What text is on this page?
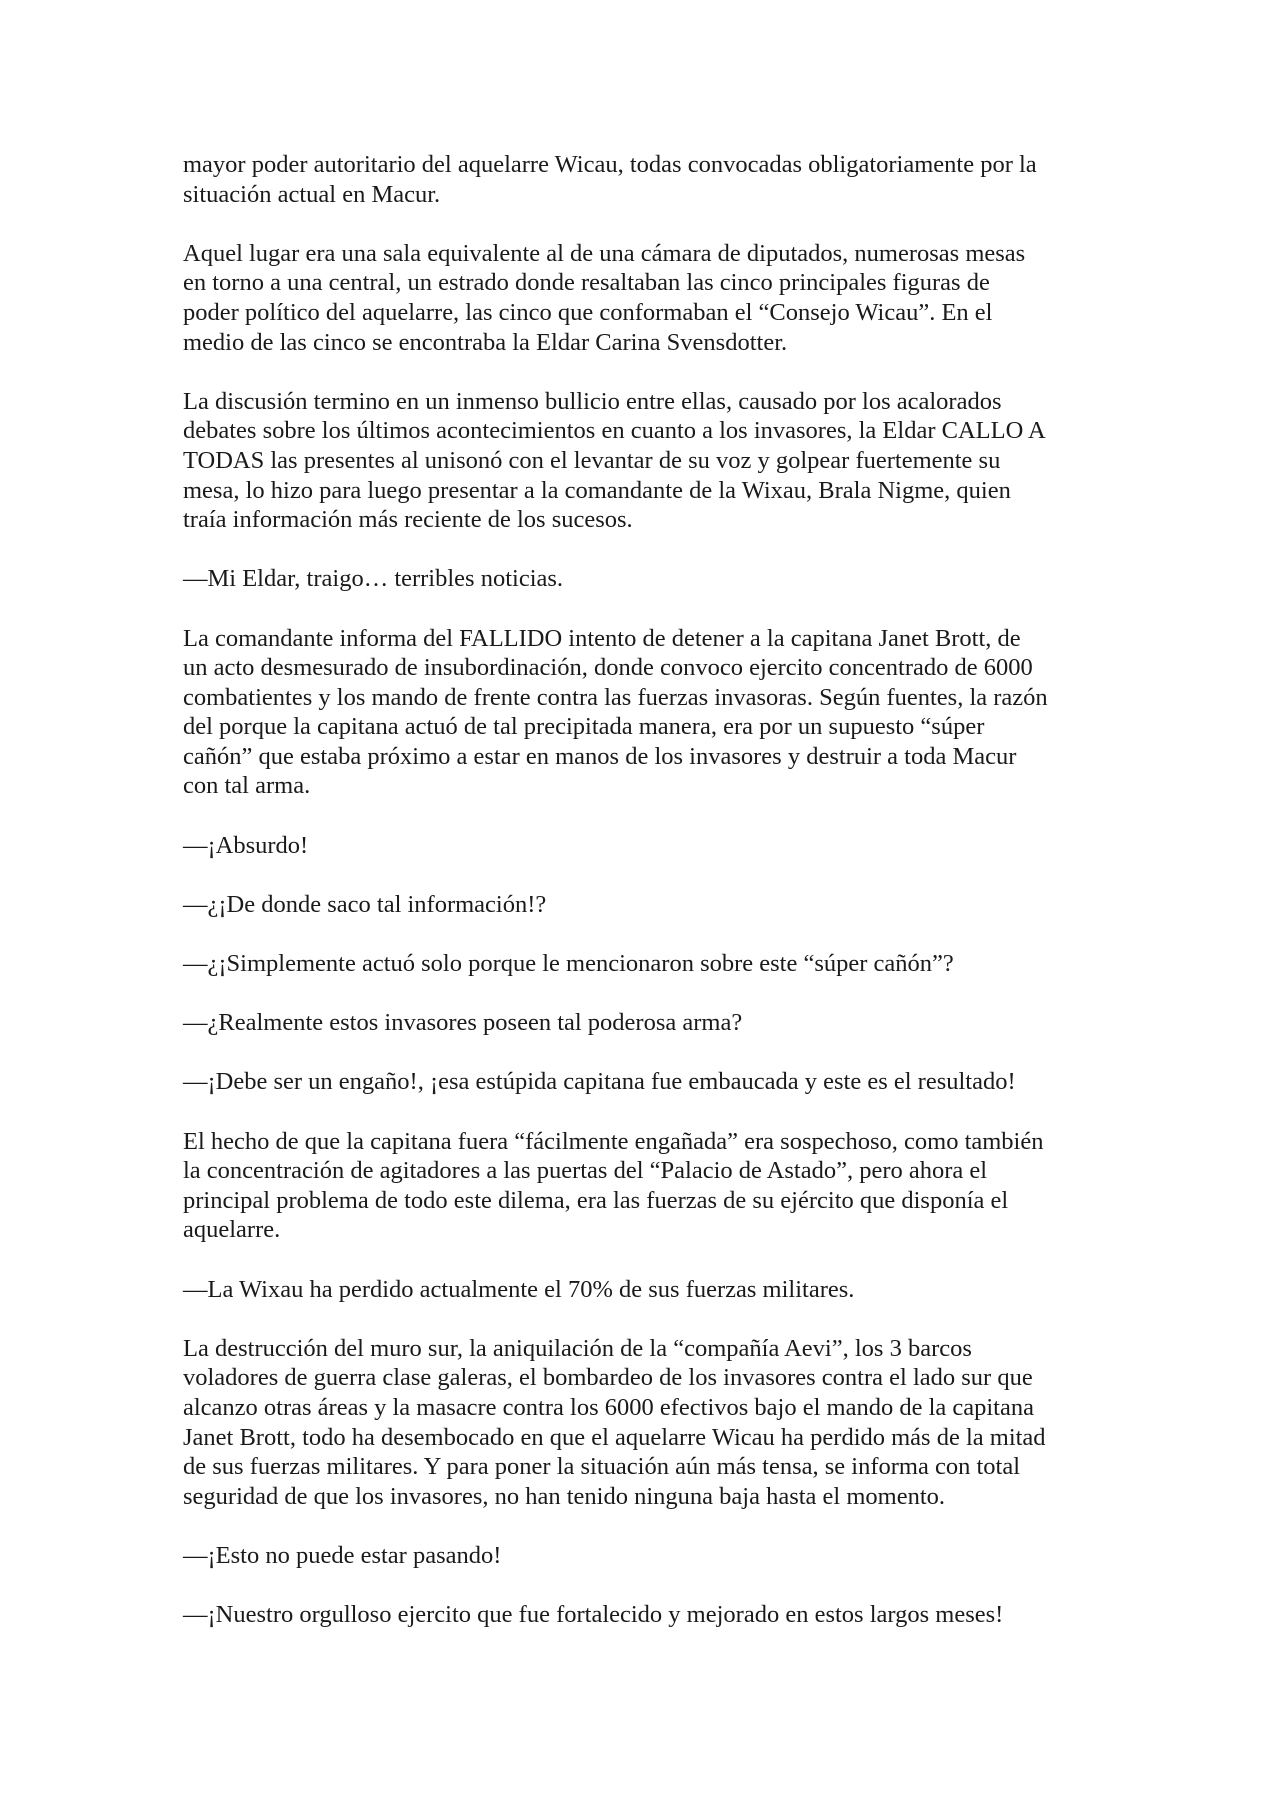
mayor poder autoritario del aquelarre Wicau, todas convocadas obligatoriamente por la
situación actual en Macur.

Aquel lugar era una sala equivalente al de una cámara de diputados, numerosas mesas
en torno a una central, un estrado donde resaltaban las cinco principales figuras de
poder político del aquelarre, las cinco que conformaban el “Consejo Wicau”. En el
medio de las cinco se encontraba la Eldar Carina Svensdotter.

La discusión termino en un inmenso bullicio entre ellas, causado por los acalorados
debates sobre los últimos acontecimientos en cuanto a los invasores, la Eldar CALLO A
TODAS las presentes al unisonó con el levantar de su voz y golpear fuertemente su
mesa, lo hizo para luego presentar a la comandante de la Wixau, Brala Nigme, quien
traía información más reciente de los sucesos.

—Mi Eldar, traigo… terribles noticias.

La comandante informa del FALLIDO intento de detener a la capitana Janet Brott, de
un acto desmesurado de insubordinación, donde convoco ejercito concentrado de 6000
combatientes y los mando de frente contra las fuerzas invasoras. Según fuentes, la razón
del porque la capitana actuó de tal precipitada manera, era por un supuesto “súper
cañón” que estaba próximo a estar en manos de los invasores y destruir a toda Macur
con tal arma.

—¡Absurdo!

—¿¡De donde saco tal información!?

—¿¡Simplemente actuó solo porque le mencionaron sobre este “súper cañón”?

—¿Realmente estos invasores poseen tal poderosa arma?

—¡Debe ser un engaño!, ¡esa estúpida capitana fue embaucada y este es el resultado!

El hecho de que la capitana fuera “fácilmente engañada” era sospechoso, como también
la concentración de agitadores a las puertas del “Palacio de Astado”, pero ahora el
principal problema de todo este dilema, era las fuerzas de su ejército que disponía el
aquelarre.

—La Wixau ha perdido actualmente el 70% de sus fuerzas militares.

La destrucción del muro sur, la aniquilación de la “compañía Aevi”, los 3 barcos
voladores de guerra clase galeras, el bombardeo de los invasores contra el lado sur que
alcanzo otras áreas y la masacre contra los 6000 efectivos bajo el mando de la capitana
Janet Brott, todo ha desembocado en que el aquelarre Wicau ha perdido más de la mitad
de sus fuerzas militares. Y para poner la situación aún más tensa, se informa con total
seguridad de que los invasores, no han tenido ninguna baja hasta el momento.

—¡Esto no puede estar pasando!

—¡Nuestro orgulloso ejercito que fue fortalecido y mejorado en estos largos meses!
